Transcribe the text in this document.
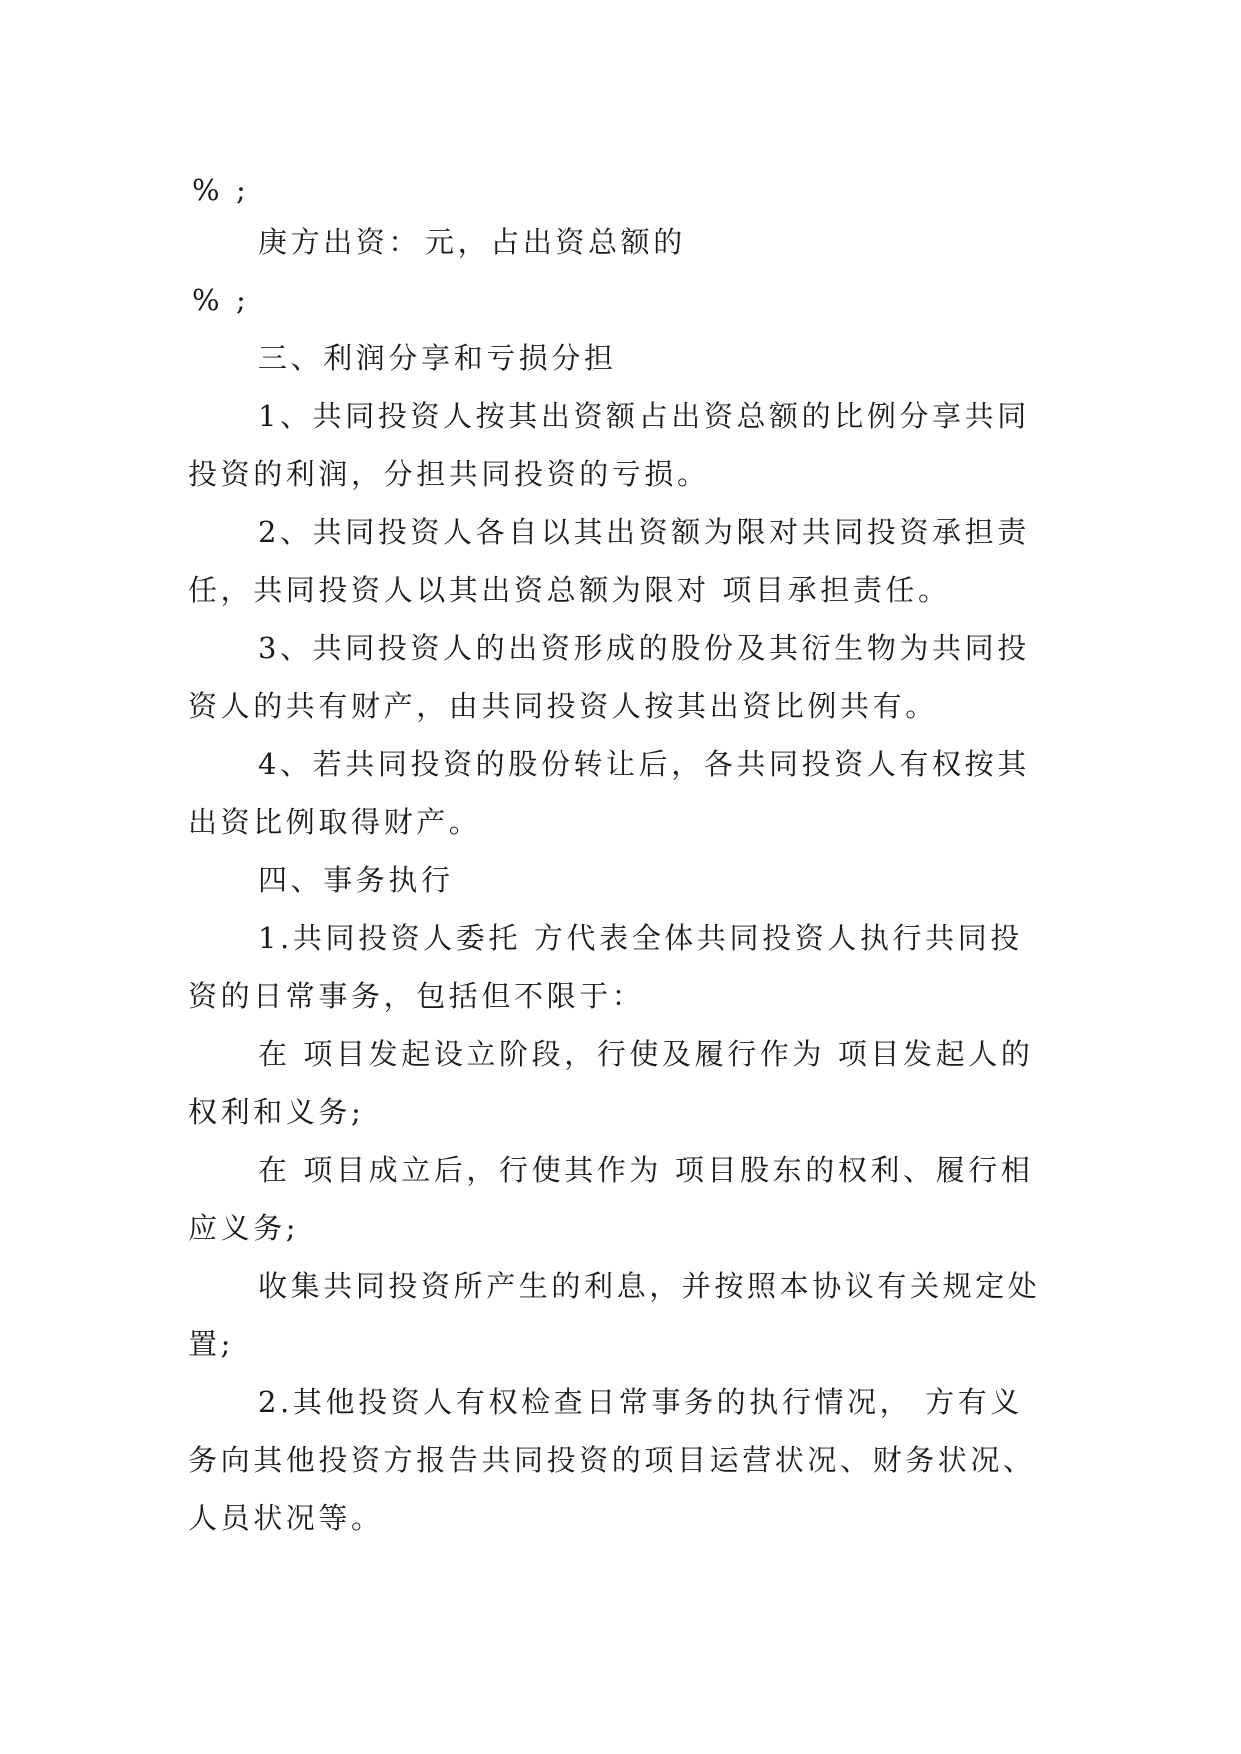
% ;
庚方出资： 元，占出资总额的
% ;
三、利润分享和亏损分担
1、共同投资人按其出资额占出资总额的比例分享共同
投资的利润，分担共同投资的亏损。
2、共同投资人各自以其出资额为限对共同投资承担责
任，共同投资人以其出资总额为限对 项目承担责任。
3、共同投资人的出资形成的股份及其衍生物为共同投
资人的共有财产，由共同投资人按其出资比例共有。
4、若共同投资的股份转让后，各共同投资人有权按其
出资比例取得财产。
四、事务执行
1.共同投资人委托 方代表全体共同投资人执行共同投
资的日常事务，包括但不限于：
在 项目发起设立阶段，行使及履行作为 项目发起人的
权利和义务;
在 项目成立后，行使其作为 项目股东的权利、履行相
应义务;
收集共同投资所产生的利息，并按照本协议有关规定处
置;
2.其他投资人有权检查日常事务的执行情况， 方有义
务向其他投资方报告共同投资的项目运营状况、财务状况、
人员状况等。
